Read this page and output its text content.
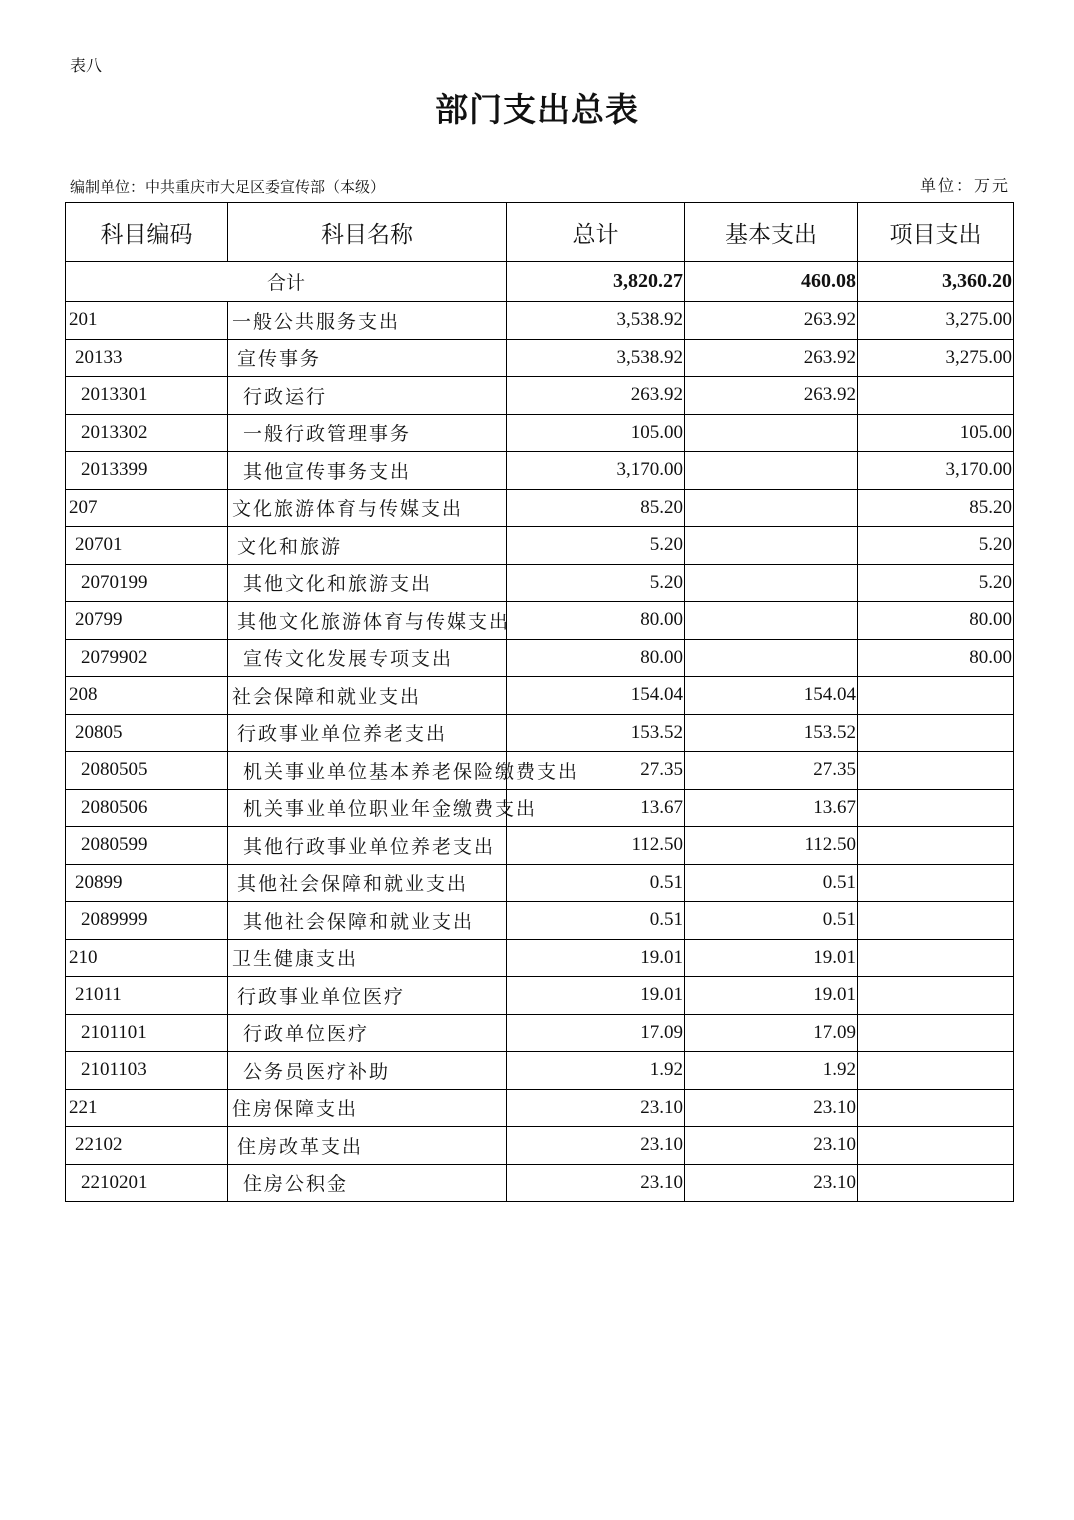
表八
部门支出总表
编制单位：中共重庆市大足区委宣传部（本级）	单位：万元
科目编码	科目名称	总计	基本支出	项目支出
合计		3,820.27	460.08	3,360.20
201	一般公共服务支出	3,538.92	263.92	3,275.00
20133	宣传事务	3,538.92	263.92	3,275.00
2013301	行政运行	263.92	263.92	
2013302	一般行政管理事务	105.00		105.00
2013399	其他宣传事务支出	3,170.00		3,170.00
207	文化旅游体育与传媒支出	85.20		85.20
20701	文化和旅游	5.20		5.20
2070199	其他文化和旅游支出	5.20		5.20
20799	其他文化旅游体育与传媒支出	80.00		80.00
2079902	宣传文化发展专项支出	80.00		80.00
208	社会保障和就业支出	154.04	154.04	
20805	行政事业单位养老支出	153.52	153.52	
2080505	机关事业单位基本养老保险缴费支出	27.35	27.35	
2080506	机关事业单位职业年金缴费支出	13.67	13.67	
2080599	其他行政事业单位养老支出	112.50	112.50	
20899	其他社会保障和就业支出	0.51	0.51	
2089999	其他社会保障和就业支出	0.51	0.51	
210	卫生健康支出	19.01	19.01	
21011	行政事业单位医疗	19.01	19.01	
2101101	行政单位医疗	17.09	17.09	
2101103	公务员医疗补助	1.92	1.92	
221	住房保障支出	23.10	23.10	
22102	住房改革支出	23.10	23.10	
2210201	住房公积金	23.10	23.10	
